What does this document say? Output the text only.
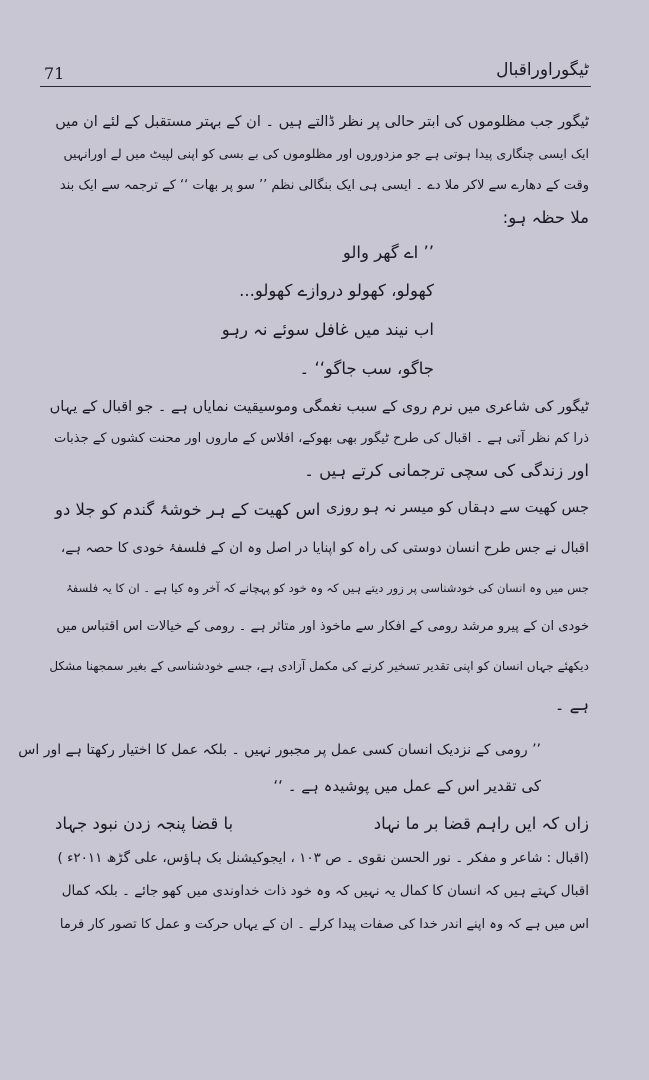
71	ٹیگوراوراقبال
ٹیگور جب مظلوموں کی ابتر حالی پر نظر ڈالتے ہیں ۔ ان کے بہتر مستقبل کے لئے ان میں
ایک ایسی چنگاری پیدا ہوتی ہے جو مزدوروں اور مظلوموں کی بے بسی کو اپنی لپیٹ میں لے اورانہیں
وقت کے دھارے سے لاکر ملا دے ۔ ایسی ہی ایک بنگالی نظم ’’ سو پر بھات ‘‘ کے ترجمہ سے ایک بند
ملا حظہ ہو:
’’ اے گھر والو
کھولو، کھولو دروازے کھولو...
اب نیند میں غافل سوئے نہ رہو
جاگو، سب جاگو‘‘ ۔
ٹیگور کی شاعری میں نرم روی کے سبب نغمگی وموسیقیت نمایاں ہے ۔ جو اقبال کے یہاں
ذرا کم نظر آتی ہے ۔ اقبال کی طرح ٹیگور بھی بھوکے، افلاس کے ماروں اور محنت کشوں کے جذبات
اور زندگی کی سچی ترجمانی کرتے ہیں ۔
جس کھیت سے دہقاں کو میسر نہ ہو روزی
اس کھیت کے ہر خوشۂ گندم کو جلا دو
اقبال نے جس طرح انسان دوستی کی راہ کو اپنایا در اصل وہ ان کے فلسفۂ خودی کا حصہ ہے،
جس میں وہ انسان کی خودشناسی پر زور دیتے ہیں کہ وہ خود کو پہچانے کہ آخر وہ کیا ہے ۔ ان کا یہ فلسفۂ
خودی ان کے پیرو مرشد رومی کے افکار سے ماخوذ اور متاثر ہے ۔ رومی کے خیالات اس اقتباس میں
دیکھئے جہاں انسان کو اپنی تقدیر تسخیر کرنے کی مکمل آزادی ہے، جسے خودشناسی کے بغیر سمجھنا مشکل
ہے ۔
’’ رومی کے نزدیک انسان کسی عمل پر مجبور نہیں ۔ بلکہ عمل کا اختیار رکھتا ہے اور اس
کی تقدیر اس کے عمل میں پوشیدہ ہے ۔ ‘‘
زاں کہ ایں راہم قضا بر ما نہاد
با قضا پنجہ زدن نبود جہاد
(اقبال : شاعر و مفکر ۔ نور الحسن نقوی ۔ ص ۱۰۳ ، ایجوکیشنل بک ہاؤس، علی گڑھ ۲۰۱۱ء )
اقبال کہتے ہیں کہ انسان کا کمال یہ نہیں کہ وہ خود ذات خداوندی میں کھو جائے ۔ بلکہ کمال
اس میں ہے کہ وہ اپنے اندر خدا کی صفات پیدا کرلے ۔ ان کے یہاں حرکت و عمل کا تصور کار فرما
